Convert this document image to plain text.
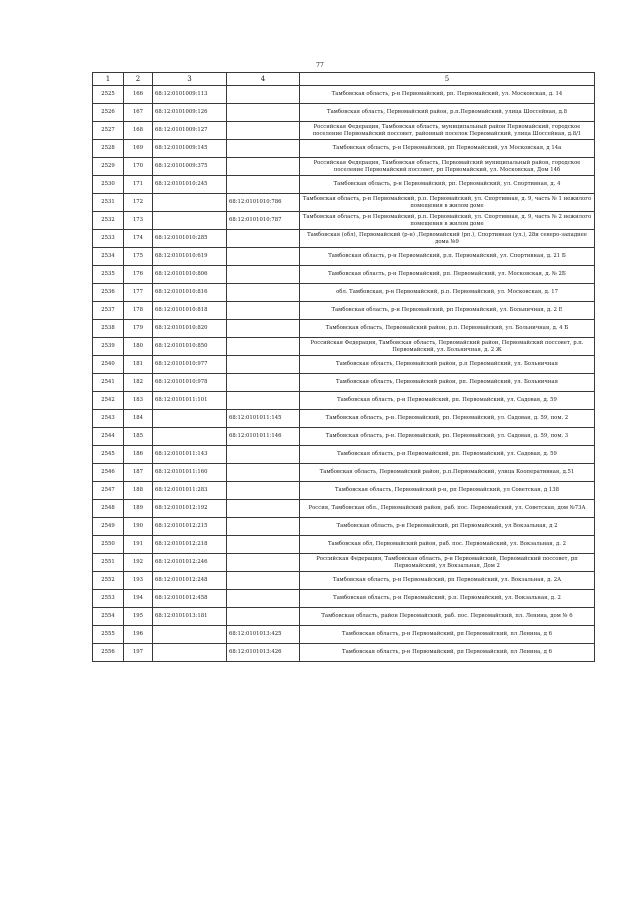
77
1	2	3	4	5
2525	166	68:12:0101009:113		Тамбовская область, р-н Первомайский, рп. Первомайский, ул. Московская, д. 14
2526	167	68:12:0101009:126		Тамбовская область, Первомайский район, р.п.Первомайский, улица Шоссейная, д.8
2527	168	68:12:0101009:127		Российская Федерация, Тамбовская область, муниципальный район Первомайский, городское поселение Первомайский поссовет, районный поселок Первомайский, улица Шоссейная, д.8/1
2528	169	68:12:0101009:145		Тамбовская область, р-н Первомайский, рп Первомайский, ул Московская, д 14а
2529	170	68:12:0101009:375		Российская Федерация, Тамбовская область, Первомайский муниципальный район, городское поселение Первомайский поссовет, рп Первомайский, ул. Московская, Дом 14б
2530	171	68:12:0101010:245		Тамбовская область, р-н Первомайский, рп. Первомайский, ул. Спортивная, д. 4
2531	172		68:12:0101010:786	Тамбовская область, р-н Первомайский, р.п. Первомайский, ул. Спортивная, д. 9, часть № 1 нежилого помещения в жилом доме
2532	173		68:12:0101010:787	Тамбовская область, р-н Первомайский, р.п. Первомайский, ул. Спортивная, д. 9, часть № 2 нежилого помещения в жилом доме
2533	174	68:12:0101010:285		Тамбовская (обл), Первомайский (р-н) ,Первомайский (рп.), Спортивная (ул.), 28и северо-западнее дома №9
2534	175	68:12:0101010:619		Тамбовская область, р-н Первомайский, р.п. Первомайский, ул. Спортивная, д. 21 Б
2535	176	68:12:0101010:806		Тамбовская область, р-н Первомайский, рп. Первомайский, ул. Московская, д. № 2Б
2536	177	68:12:0101010:816		обл. Тамбовская, р-н Первомайский, р.п. Первомайский, ул. Московская, д. 17
2537	178	68:12:0101010:818		Тамбовская область, р-н Первомайский, рп Первомайский, ул. Больничная, д. 2 Е
2538	179	68:12:0101010:820		Тамбовская область, Первомайский район, р.п. Первомайский, ул. Больничная, д. 4 Б
2539	180	68:12:0101010:850		Российская Федерация, Тамбовская область, Первомайский район, Первомайский поссовет, р.п. Первомайский, ул. Больничная, д. 2 Ж
2540	181	68:12:0101010:977		Тамбовская область, Первомайский район, р.п Первомайский, ул. Больничная
2541	182	68:12:0101010:978		Тамбовская область, Первомайский район, рп. Первомайский, ул. Больничная
2542	183	68:12:0101011:101		Тамбовская область, р-н Первомайский, рп. Первомайский, ул. Садовая, д. 59
2543	184		68:12:0101011:145	Тамбовская область, р-н. Первомайский, рп. Первомайский, ул. Садовая, д. 59, пом. 2
2544	185		68:12:0101011:146	Тамбовская область, р-н. Первомайский, рп. Первомайский, ул. Садовая, д. 59, пом. 3
2545	186	68:12:0101011:143		Тамбовская область, р-н Первомайский, рп. Первомайский, ул. Садовая, д. 59
2546	187	68:12:0101011:160		Тамбовская область, Первомайский район, р.п.Первомайский, улица Кооперативная, д.51
2547	188	68:12:0101011:283		Тамбовская область, Первомайский р-н, рп Первомайский, ул Советская, д 138
2548	189	68:12:0101012:192		Россия, Тамбовская обл., Первомайский район, раб. пос. Первомайский, ул. Советская, дом №73А
2549	190	68:12:0101012:215		Тамбовская область, р-н Первомайский, рп Первомайский, ул Вокзальная, д 2
2550	191	68:12:0101012:218		Тамбовская обл, Первомайский район, раб. пос. Первомайский, ул. Вокзальная, д. 2
2551	192	68:12:0101012:246		Российская Федерация, Тамбовская область, р-н Первомайский, Первомайский поссовет, рп Первомайский, ул Вокзальная, Дом 2
2552	193	68:12:0101012:248		Тамбовская область, р-н Первомайский, рп Первомайский, ул. Вокзальная, д. 2А
2553	194	68:12:0101012:458		Тамбовская область, р-н Первомайский, р.п. Первомайский, ул. Вокзальная, д. 2
2554	195	68:12:0101013:181		Тамбовская область, район Первомайский, раб. пос. Первомайский, пл. Ленина, дом № 6
2555	196		68:12:0101013:425	Тамбовская область, р-н Первомайский, рп Первомайский, пл Ленина, д 6
2556	197		68:12:0101013:426	Тамбовская область, р-н Первомайский, рп Первомайский, пл Ленина, д 6
